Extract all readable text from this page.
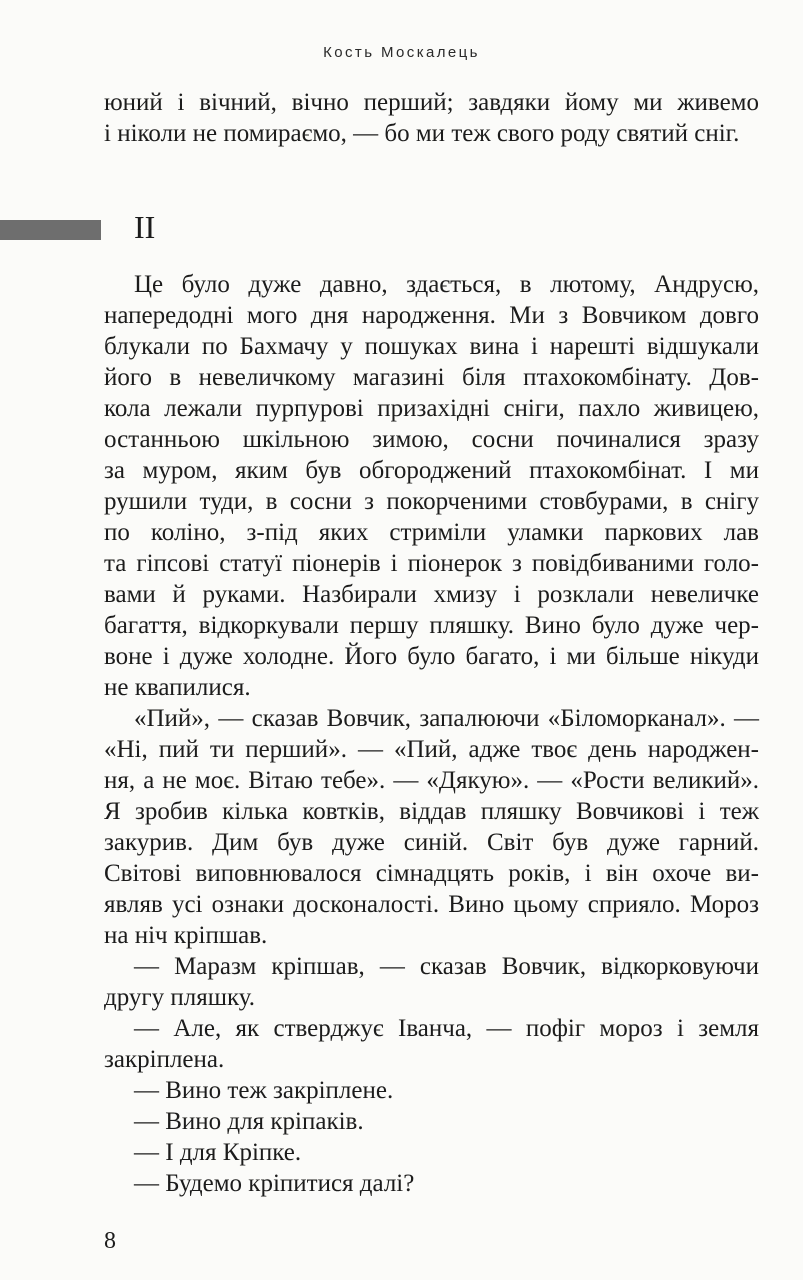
Кость Москалець
юний і вічний, вічно перший; завдяки йому ми живемо
і ніколи не помираємо, — бо ми теж свого роду святий сніг.
II
Це було дуже давно, здається, в лютому, Андрусю,
напередодні мого дня народження. Ми з Вовчиком довго
блукали по Бахмачу у пошуках вина і нарешті відшукали
його в невеличкому магазині біля птахокомбінату. Дов-
кола лежали пурпурові призахідні сніги, пахло живицею,
останньою шкільною зимою, сосни починалися зразу
за муром, яким був обгороджений птахокомбінат. І ми
рушили туди, в сосни з покорченими стовбурами, в снігу
по коліно, з-під яких стриміли уламки паркових лав
та гіпсові статуї піонерів і піонерок з повідбиваними голо-
вами й руками. Назбирали хмизу і розклали невеличке
багаття, відкоркували першу пляшку. Вино було дуже чер-
воне і дуже холодне. Його було багато, і ми більше нікуди
не квапилися.
«Пий», — сказав Вовчик, запалюючи «Біломорканал». —
«Ні, пий ти перший». — «Пий, адже твоє день народжен-
ня, а не моє. Вітаю тебе». — «Дякую». — «Рости великий».
Я зробив кілька ковтків, віддав пляшку Вовчикові і теж
закурив. Дим був дуже синій. Світ був дуже гарний.
Світові виповнювалося сімнадцять років, і він охоче ви-
являв усі ознаки досконалості. Вино цьому сприяло. Мороз
на ніч кріпшав.
— Маразм кріпшав, — сказав Вовчик, відкорковуючи
другу пляшку.
— Але, як стверджує Іванча, — пофіг мороз і земля
закріплена.
— Вино теж закріплене.
— Вино для кріпаків.
— І для Кріпке.
— Будемо кріпитися далі?
8
